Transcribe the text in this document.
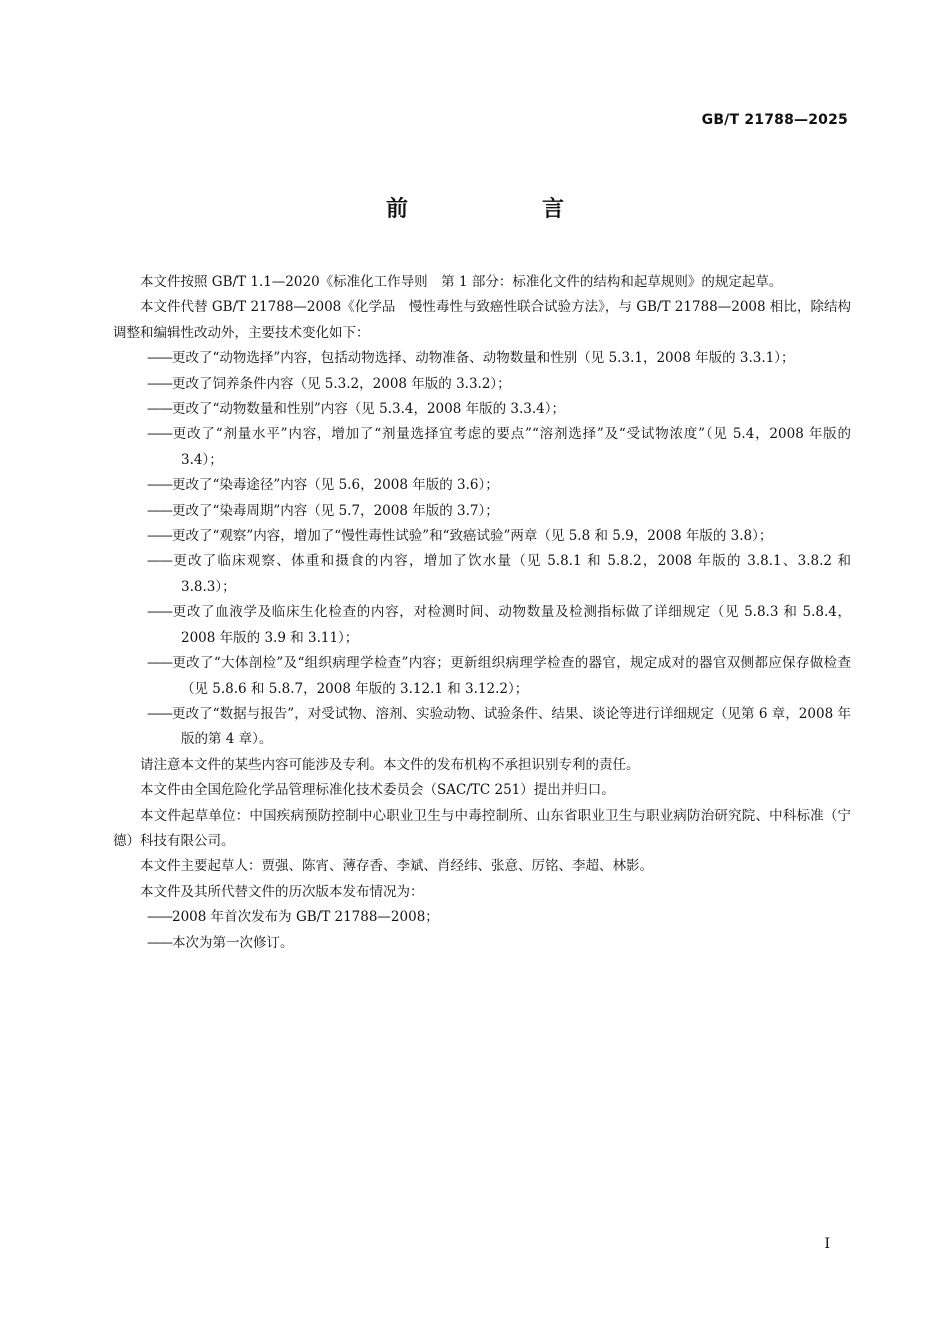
GB/T 21788—2025
前　言

本文件按照 GB/T 1.1—2020《标准化工作导则　第 1 部分：标准化文件的结构和起草规则》的规定起草。

本文件代替 GB/T 21788—2008《化学品　慢性毒性与致癌性联合试验方法》，与 GB/T 21788—2008 相比，除结构调整和编辑性改动外，主要技术变化如下：

——更改了“动物选择”内容，包括动物选择、动物准备、动物数量和性别（见 5.3.1，2008 年版的 3.3.1）；

——更改了饲养条件内容（见 5.3.2，2008 年版的 3.3.2）；

——更改了“动物数量和性别”内容（见 5.3.4，2008 年版的 3.3.4）；

——更改了“剂量水平”内容，增加了“剂量选择宜考虑的要点”“溶剂选择”及“受试物浓度”（见 5.4，2008 年版的 3.4）；

——更改了“染毒途径”内容（见 5.6，2008 年版的 3.6）；

——更改了“染毒周期”内容（见 5.7，2008 年版的 3.7）；

——更改了“观察”内容，增加了“慢性毒性试验”和“致癌试验”两章（见 5.8 和 5.9，2008 年版的 3.8）；

——更改了临床观察、体重和摄食的内容，增加了饮水量（见 5.8.1 和 5.8.2，2008 年版的 3.8.1、3.8.2 和 3.8.3）；

——更改了血液学及临床生化检查的内容，对检测时间、动物数量及检测指标做了详细规定（见 5.8.3 和 5.8.4，2008 年版的 3.9 和 3.11）；

——更改了“大体剖检”及“组织病理学检查”内容；更新组织病理学检查的器官，规定成对的器官双侧都应保存做检查（见 5.8.6 和 5.8.7，2008 年版的 3.12.1 和 3.12.2）；

——更改了“数据与报告”，对受试物、溶剂、实验动物、试验条件、结果、谈论等进行详细规定（见第 6 章，2008 年版的第 4 章）。

请注意本文件的某些内容可能涉及专利。本文件的发布机构不承担识别专利的责任。

本文件由全国危险化学品管理标准化技术委员会（SAC/TC 251）提出并归口。

本文件起草单位：中国疾病预防控制中心职业卫生与中毒控制所、山东省职业卫生与职业病防治研究院、中科标准（宁德）科技有限公司。

本文件主要起草人：贾强、陈宵、薄存香、李斌、肖经纬、张意、厉铭、李超、林影。

本文件及其所代替文件的历次版本发布情况为：

——2008 年首次发布为 GB/T 21788—2008；

——本次为第一次修订。

I
